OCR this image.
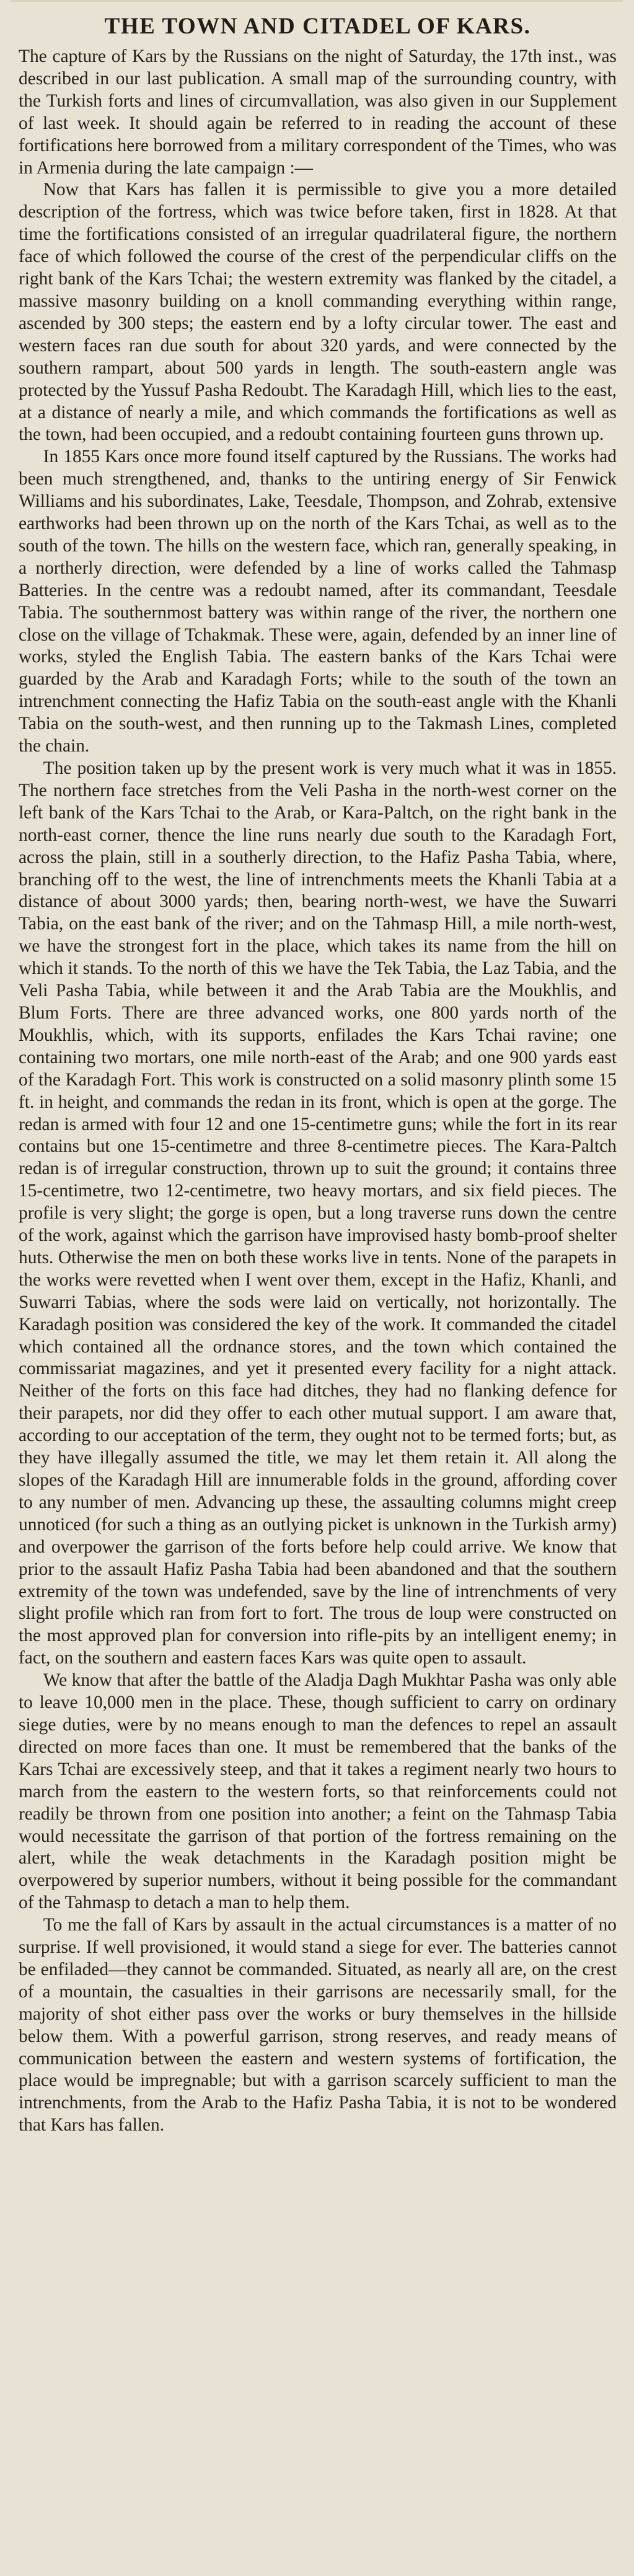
THE TOWN AND CITADEL OF KARS.

The capture of Kars by the Russians on the night of Saturday, the 17th inst., was described in our last publication. A small map of the surrounding country, with the Turkish forts and lines of circumvallation, was also given in our Supplement of last week. It should again be referred to in reading the account of these fortifications here borrowed from a military correspondent of the Times, who was in Armenia during the late campaign :—

Now that Kars has fallen it is permissible to give you a more detailed description of the fortress, which was twice before taken, first in 1828. At that time the fortifications consisted of an irregular quadrilateral figure, the northern face of which followed the course of the crest of the perpendicular cliffs on the right bank of the Kars Tchai; the western extremity was flanked by the citadel, a massive masonry building on a knoll commanding everything within range, ascended by 300 steps; the eastern end by a lofty circular tower. The east and western faces ran due south for about 320 yards, and were connected by the southern rampart, about 500 yards in length. The south-eastern angle was protected by the Yussuf Pasha Redoubt. The Karadagh Hill, which lies to the east, at a distance of nearly a mile, and which commands the fortifications as well as the town, had been occupied, and a redoubt containing fourteen guns thrown up.

In 1855 Kars once more found itself captured by the Russians. The works had been much strengthened, and, thanks to the untiring energy of Sir Fenwick Williams and his subordinates, Lake, Teesdale, Thompson, and Zohrab, extensive earthworks had been thrown up on the north of the Kars Tchai, as well as to the south of the town. The hills on the western face, which ran, generally speaking, in a northerly direction, were defended by a line of works called the Tahmasp Batteries. In the centre was a redoubt named, after its commandant, Teesdale Tabia. The southernmost battery was within range of the river, the northern one close on the village of Tchakmak. These were, again, defended by an inner line of works, styled the English Tabia. The eastern banks of the Kars Tchai were guarded by the Arab and Karadagh Forts; while to the south of the town an intrenchment connecting the Hafiz Tabia on the south-east angle with the Khanli Tabia on the south-west, and then running up to the Takmash Lines, completed the chain.

The position taken up by the present work is very much what it was in 1855. The northern face stretches from the Veli Pasha in the north-west corner on the left bank of the Kars Tchai to the Arab, or Kara-Paltch, on the right bank in the north-east corner, thence the line runs nearly due south to the Karadagh Fort, across the plain, still in a southerly direction, to the Hafiz Pasha Tabia, where, branching off to the west, the line of intrenchments meets the Khanli Tabia at a distance of about 3000 yards; then, bearing north-west, we have the Suwarri Tabia, on the east bank of the river; and on the Tahmasp Hill, a mile north-west, we have the strongest fort in the place, which takes its name from the hill on which it stands. To the north of this we have the Tek Tabia, the Laz Tabia, and the Veli Pasha Tabia, while between it and the Arab Tabia are the Moukhlis, and Blum Forts. There are three advanced works, one 800 yards north of the Moukhlis, which, with its supports, enfilades the Kars Tchai ravine; one containing two mortars, one mile north-east of the Arab; and one 900 yards east of the Karadagh Fort. This work is constructed on a solid masonry plinth some 15 ft. in height, and commands the redan in its front, which is open at the gorge. The redan is armed with four 12 and one 15-centimetre guns; while the fort in its rear contains but one 15-centimetre and three 8-centimetre pieces. The Kara-Paltch redan is of irregular construction, thrown up to suit the ground; it contains three 15-centimetre, two 12-centimetre, two heavy mortars, and six field pieces. The profile is very slight; the gorge is open, but a long traverse runs down the centre of the work, against which the garrison have improvised hasty bomb-proof shelter huts. Otherwise the men on both these works live in tents. None of the parapets in the works were revetted when I went over them, except in the Hafiz, Khanli, and Suwarri Tabias, where the sods were laid on vertically, not horizontally. The Karadagh position was considered the key of the work. It commanded the citadel which contained all the ordnance stores, and the town which contained the commissariat magazines, and yet it presented every facility for a night attack. Neither of the forts on this face had ditches, they had no flanking defence for their parapets, nor did they offer to each other mutual support. I am aware that, according to our acceptation of the term, they ought not to be termed forts; but, as they have illegally assumed the title, we may let them retain it. All along the slopes of the Karadagh Hill are innumerable folds in the ground, affording cover to any number of men. Advancing up these, the assaulting columns might creep unnoticed (for such a thing as an outlying picket is unknown in the Turkish army) and overpower the garrison of the forts before help could arrive. We know that prior to the assault Hafiz Pasha Tabia had been abandoned and that the southern extremity of the town was undefended, save by the line of intrenchments of very slight profile which ran from fort to fort. The trous de loup were constructed on the most approved plan for conversion into rifle-pits by an intelligent enemy; in fact, on the southern and eastern faces Kars was quite open to assault.

We know that after the battle of the Aladja Dagh Mukhtar Pasha was only able to leave 10,000 men in the place. These, though sufficient to carry on ordinary siege duties, were by no means enough to man the defences to repel an assault directed on more faces than one. It must be remembered that the banks of the Kars Tchai are excessively steep, and that it takes a regiment nearly two hours to march from the eastern to the western forts, so that reinforcements could not readily be thrown from one position into another; a feint on the Tahmasp Tabia would necessitate the garrison of that portion of the fortress remaining on the alert, while the weak detachments in the Karadagh position might be overpowered by superior numbers, without it being possible for the commandant of the Tahmasp to detach a man to help them.

To me the fall of Kars by assault in the actual circumstances is a matter of no surprise. If well provisioned, it would stand a siege for ever. The batteries cannot be enfiladed—they cannot be commanded. Situated, as nearly all are, on the crest of a mountain, the casualties in their garrisons are necessarily small, for the majority of shot either pass over the works or bury themselves in the hillside below them. With a powerful garrison, strong reserves, and ready means of communication between the eastern and western systems of fortification, the place would be impregnable; but with a garrison scarcely sufficient to man the intrenchments, from the Arab to the Hafiz Pasha Tabia, it is not to be wondered that Kars has fallen.
